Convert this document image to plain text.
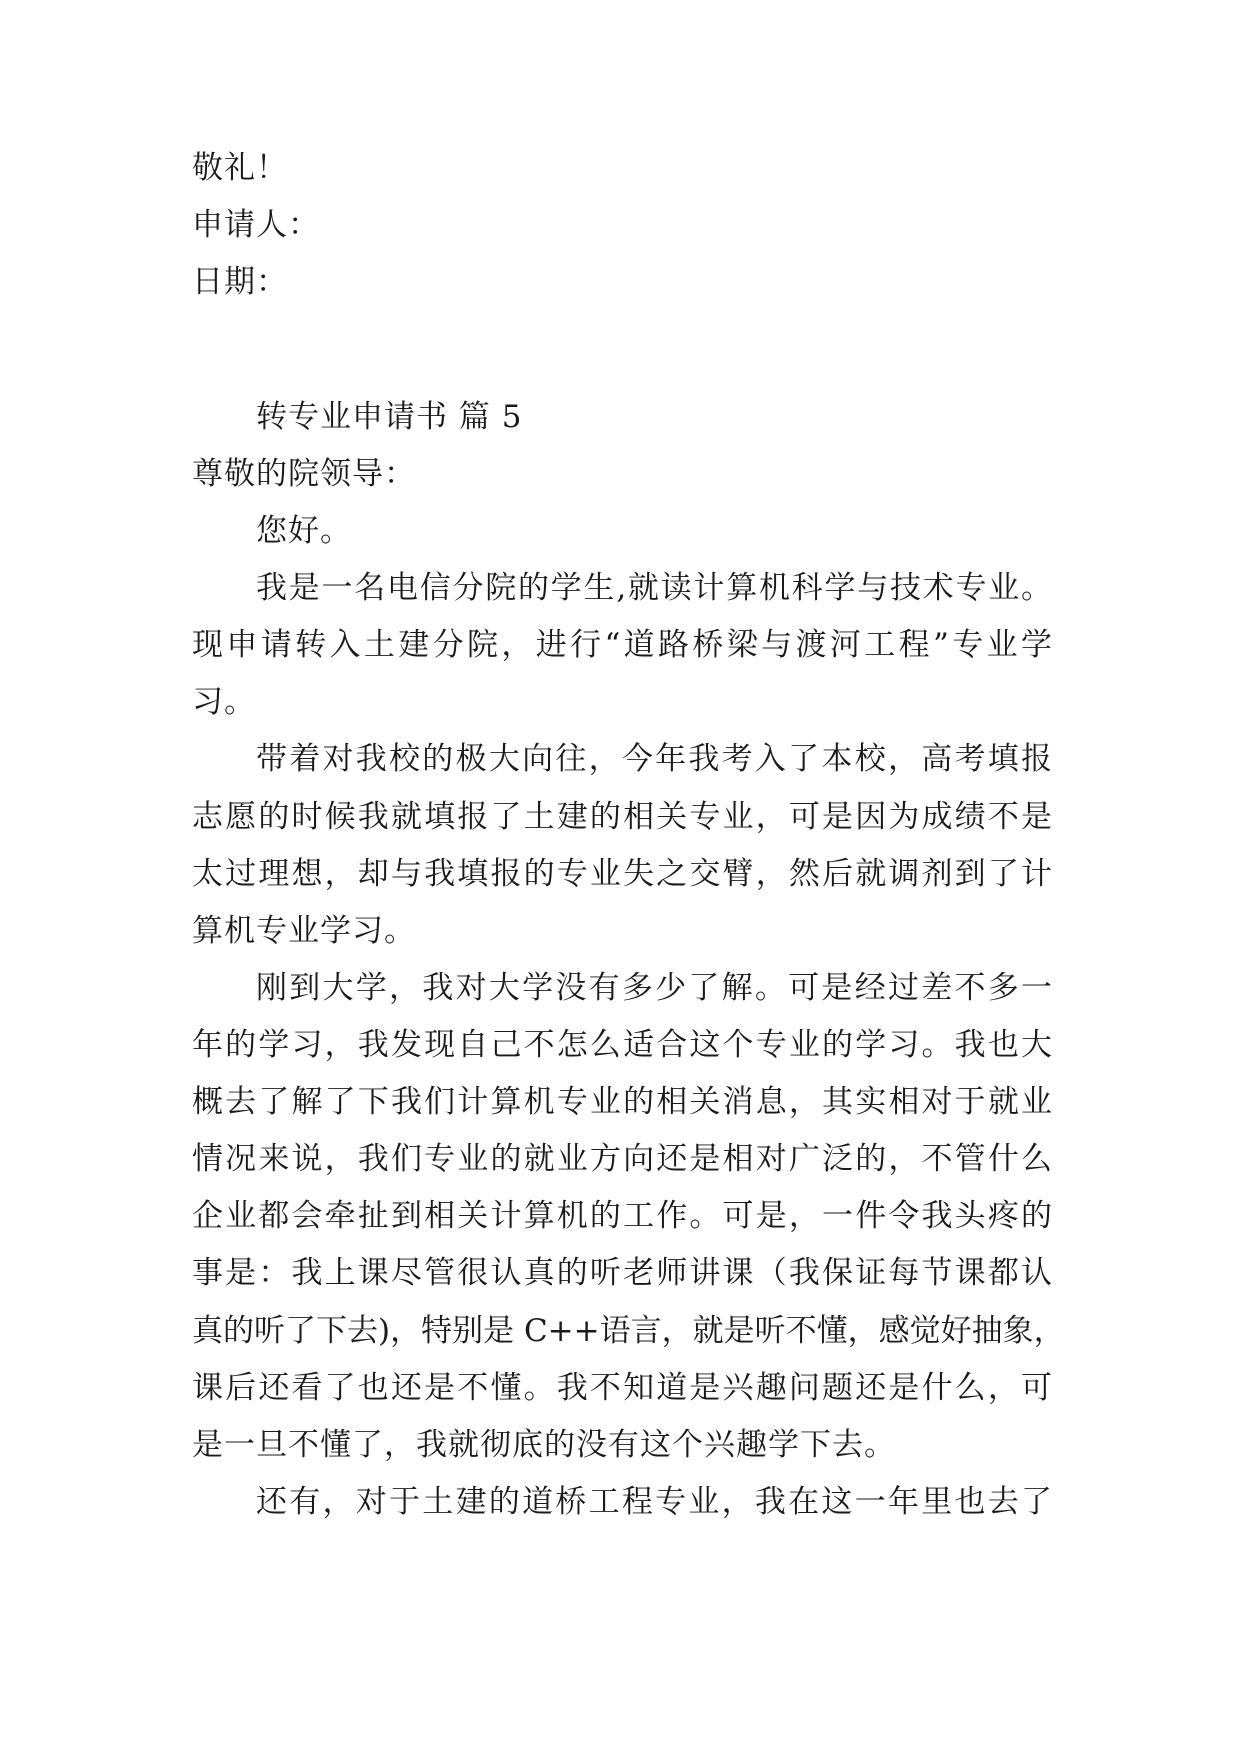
敬礼！
申请人：
日期：
转专业申请书 篇 5
尊敬的院领导：
您好。
我是一名电信分院的学生,就读计算机科学与技术专业。
现申请转入土建分院，进行“道路桥梁与渡河工程”专业学
习。
带着对我校的极大向往，今年我考入了本校，高考填报
志愿的时候我就填报了土建的相关专业，可是因为成绩不是
太过理想，却与我填报的专业失之交臂，然后就调剂到了计
算机专业学习。
刚到大学，我对大学没有多少了解。可是经过差不多一
年的学习，我发现自己不怎么适合这个专业的学习。我也大
概去了解了下我们计算机专业的相关消息，其实相对于就业
情况来说，我们专业的就业方向还是相对广泛的，不管什么
企业都会牵扯到相关计算机的工作。可是，一件令我头疼的
事是：我上课尽管很认真的听老师讲课（我保证每节课都认
真的听了下去)，特别是 C++语言，就是听不懂，感觉好抽象，
课后还看了也还是不懂。我不知道是兴趣问题还是什么，可
是一旦不懂了，我就彻底的没有这个兴趣学下去。
还有，对于土建的道桥工程专业，我在这一年里也去了
